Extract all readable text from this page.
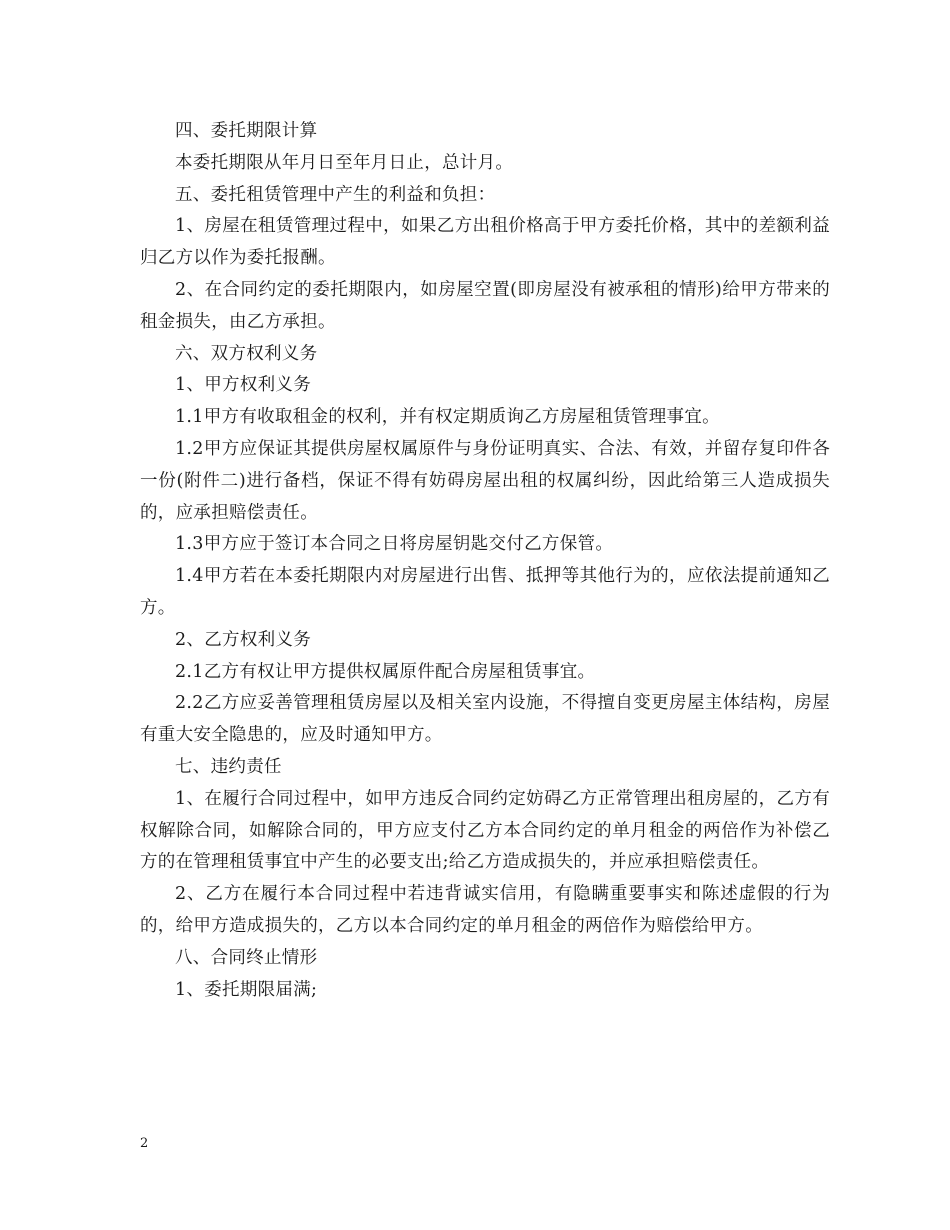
四、委托期限计算

本委托期限从年月日至年月日止，总计月。

五、委托租赁管理中产生的利益和负担：

1、房屋在租赁管理过程中，如果乙方出租价格高于甲方委托价格，其中的差额利益归乙方以作为委托报酬。

2、在合同约定的委托期限内，如房屋空置(即房屋没有被承租的情形)给甲方带来的租金损失，由乙方承担。

六、双方权利义务

1、甲方权利义务

1.1甲方有收取租金的权利，并有权定期质询乙方房屋租赁管理事宜。

1.2甲方应保证其提供房屋权属原件与身份证明真实、合法、有效，并留存复印件各一份(附件二)进行备档，保证不得有妨碍房屋出租的权属纠纷，因此给第三人造成损失的，应承担赔偿责任。

1.3甲方应于签订本合同之日将房屋钥匙交付乙方保管。

1.4甲方若在本委托期限内对房屋进行出售、抵押等其他行为的，应依法提前通知乙方。

2、乙方权利义务

2.1乙方有权让甲方提供权属原件配合房屋租赁事宜。

2.2乙方应妥善管理租赁房屋以及相关室内设施，不得擅自变更房屋主体结构，房屋有重大安全隐患的，应及时通知甲方。

七、违约责任

1、在履行合同过程中，如甲方违反合同约定妨碍乙方正常管理出租房屋的，乙方有权解除合同，如解除合同的，甲方应支付乙方本合同约定的单月租金的两倍作为补偿乙方的在管理租赁事宜中产生的必要支出;给乙方造成损失的，并应承担赔偿责任。

2、乙方在履行本合同过程中若违背诚实信用，有隐瞒重要事实和陈述虚假的行为的，给甲方造成损失的，乙方以本合同约定的单月租金的两倍作为赔偿给甲方。

八、合同终止情形

1、委托期限届满;

2
